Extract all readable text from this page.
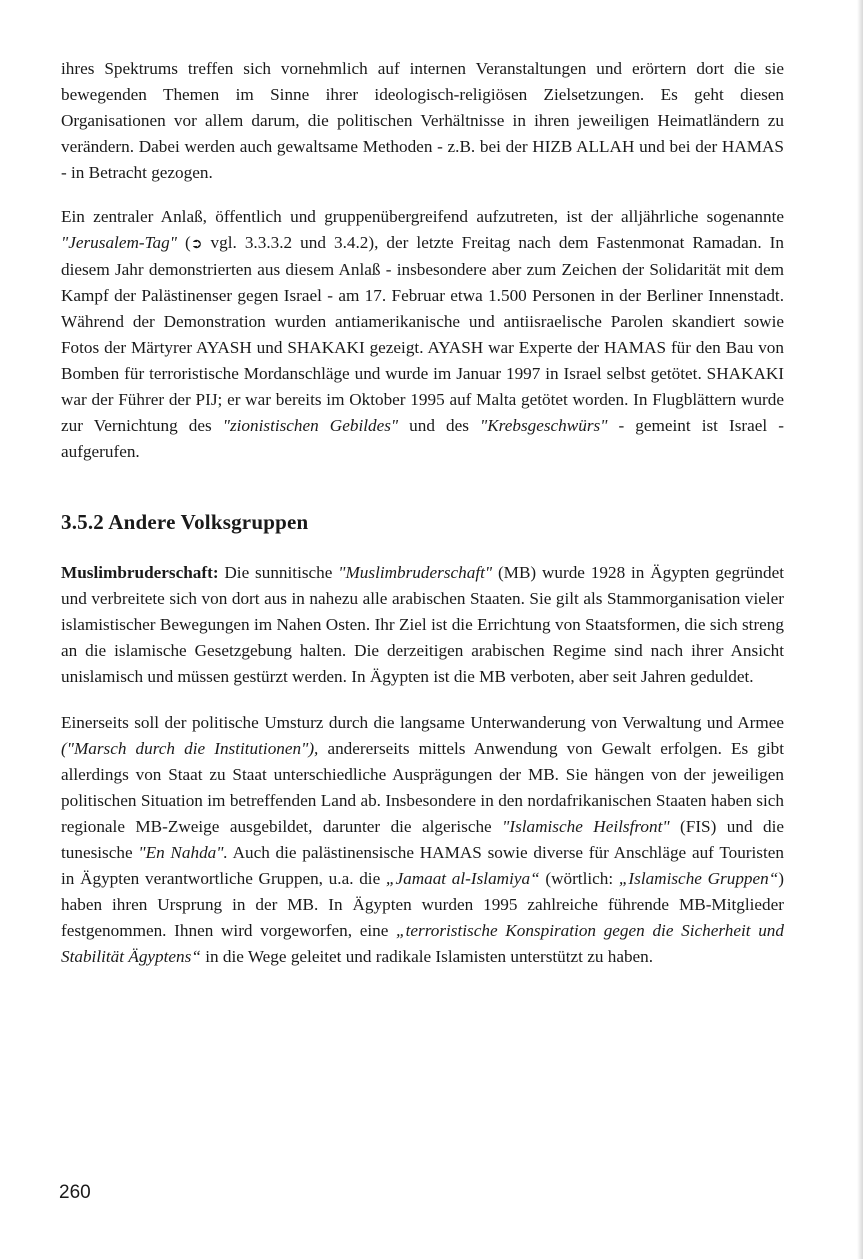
ihres Spektrums treffen sich vornehmlich auf internen Veranstaltungen und erörtern dort die sie bewegenden Themen im Sinne ihrer ideologisch-religiösen Zielsetzungen. Es geht diesen Organisationen vor allem darum, die politischen Verhältnisse in ihren jeweiligen Heimatländern zu verändern. Dabei werden auch gewaltsame Methoden - z.B. bei der HIZB ALLAH und bei der HAMAS - in Betracht gezogen.

Ein zentraler Anlaß, öffentlich und gruppenübergreifend aufzutreten, ist der alljährliche sogenannte "Jerusalem-Tag" (➲ vgl. 3.3.3.2 und 3.4.2), der letzte Freitag nach dem Fastenmonat Ramadan. In diesem Jahr demonstrierten aus diesem Anlaß - insbesondere aber zum Zeichen der Solidarität mit dem Kampf der Palästinenser gegen Israel - am 17. Februar etwa 1.500 Personen in der Berliner Innenstadt. Während der Demonstration wurden antiamerikanische und antiisraelische Parolen skandiert sowie Fotos der Märtyrer AYASH und SHAKAKI gezeigt. AYASH war Experte der HAMAS für den Bau von Bomben für terroristische Mordanschläge und wurde im Januar 1997 in Israel selbst getötet. SHAKAKI war der Führer der PIJ; er war bereits im Oktober 1995 auf Malta getötet worden. In Flugblättern wurde zur Vernichtung des "zionistischen Gebildes" und des "Krebsgeschwürs" - gemeint ist Israel - aufgerufen.

3.5.2 Andere Volksgruppen

Muslimbruderschaft: Die sunnitische "Muslimbruderschaft" (MB) wurde 1928 in Ägypten gegründet und verbreitete sich von dort aus in nahezu alle arabischen Staaten. Sie gilt als Stammorganisation vieler islamistischer Bewegungen im Nahen Osten. Ihr Ziel ist die Errichtung von Staatsformen, die sich streng an die islamische Gesetzgebung halten. Die derzeitigen arabischen Regime sind nach ihrer Ansicht unislamisch und müssen gestürzt werden. In Ägypten ist die MB verboten, aber seit Jahren geduldet.

Einerseits soll der politische Umsturz durch die langsame Unterwanderung von Verwaltung und Armee ("Marsch durch die Institutionen"), andererseits mittels Anwendung von Gewalt erfolgen. Es gibt allerdings von Staat zu Staat unterschiedliche Ausprägungen der MB. Sie hängen von der jeweiligen politischen Situation im betreffenden Land ab. Insbesondere in den nordafrikanischen Staaten haben sich regionale MB-Zweige ausgebildet, darunter die algerische "Islamische Heilsfront" (FIS) und die tunesische "En Nahda". Auch die palästinensische HAMAS sowie diverse für Anschläge auf Touristen in Ägypten verantwortliche Gruppen, u.a. die „Jamaat al-Islamiya“ (wörtlich: „Islamische Gruppen“) haben ihren Ursprung in der MB. In Ägypten wurden 1995 zahlreiche führende MB-Mitglieder festgenommen. Ihnen wird vorgeworfen, eine „terroristische Konspiration gegen die Sicherheit und Stabilität Ägyptens“ in die Wege geleitet und radikale Islamisten unterstützt zu haben.

260
